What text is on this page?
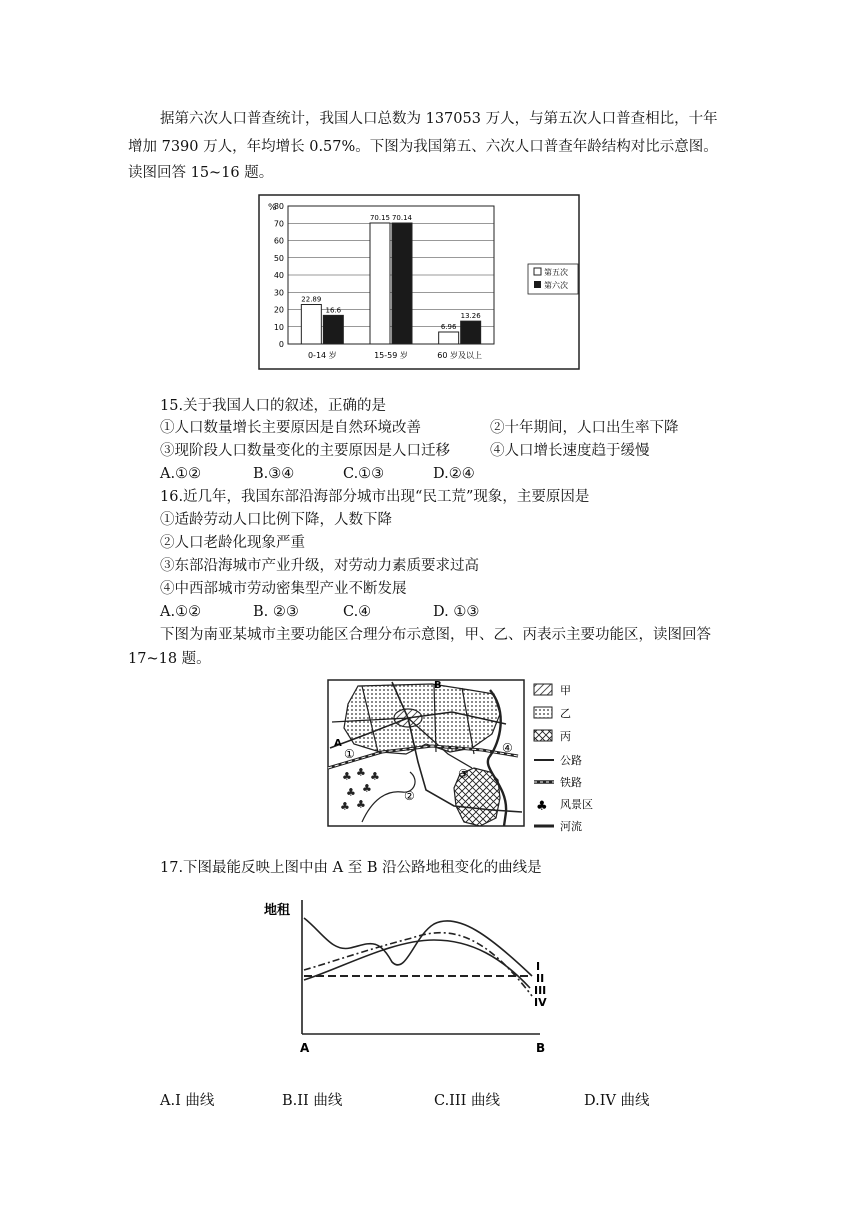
据第六次人口普查统计，我国人口总数为 137053 万人，与第五次人口普查相比，十年
增加 7390 万人，年均增长 0.57%。下图为我国第五、六次人口普查年龄结构对比示意图。
读图回答 15~16 题。
%
80
70
60
50
40
30
20
10
0
22.89
16.6
70.15 70.14
6.96
13.26
0-14 岁	15-59 岁	60 岁及以上
第五次
第六次
15.关于我国人口的叙述，正确的是
①人口数量增长主要原因是自然环境改善	②十年期间，人口出生率下降
③现阶段人口数量变化的主要原因是人口迁移	④人口增长速度趋于缓慢
A.①②	B.③④	C.①③	D.②④
16.近几年，我国东部沿海部分城市出现“民工荒”现象，主要原因是
①适龄劳动人口比例下降，人数下降
②人口老龄化现象严重
③东部沿海城市产业升级，对劳动力素质要求过高
④中西部城市劳动密集型产业不断发展
A.①②	B. ②③	C.④	D. ①③
下图为南亚某城市主要功能区合理分布示意图，甲、乙、丙表示主要功能区，读图回答
17~18 题。
♣ ♣ ♣
♣ ♣
♣ ♣
A
B
①
②
③
④
甲
乙
丙
公路
铁路
♣ 风景区
河流
17.下图最能反映上图中由 A 至 B 沿公路地租变化的曲线是
地租
A	B
I
II
III
IV
A.I 曲线	B.II 曲线	C.III 曲线	D.IV 曲线
